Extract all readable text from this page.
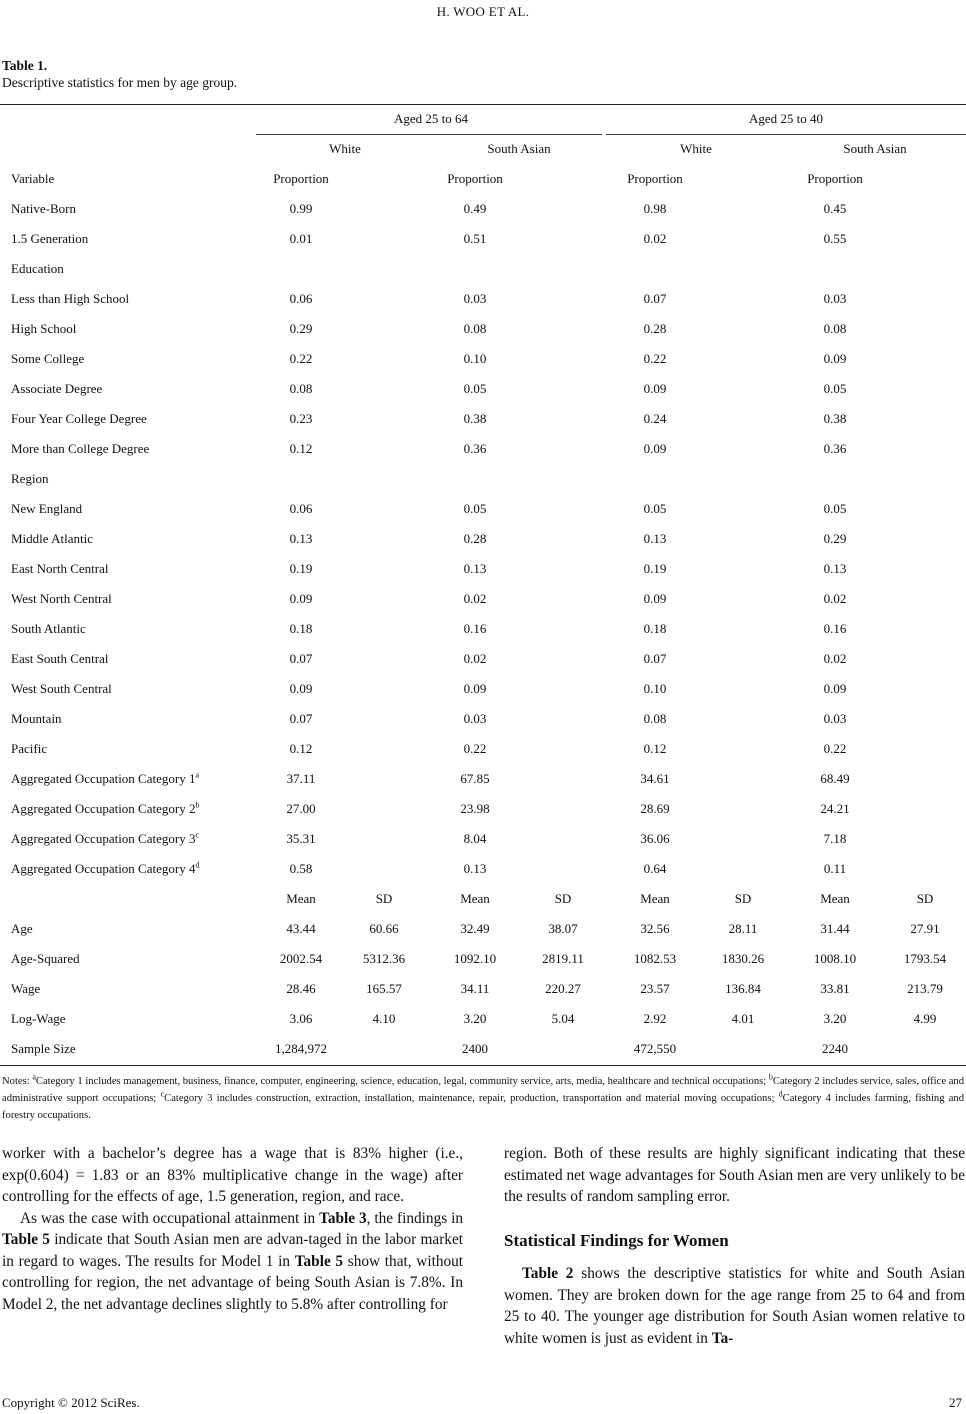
H. WOO ET AL.
Table 1.
Descriptive statistics for men by age group.
Aged 25 to 64	Aged 25 to 40
White	South Asian	White	South Asian
Variable	Proportion	Proportion	Proportion	Proportion
Native-Born	0.99	0.49	0.98	0.45
1.5 Generation	0.01	0.51	0.02	0.55
Education
Less than High School	0.06	0.03	0.07	0.03
High School	0.29	0.08	0.28	0.08
Some College	0.22	0.10	0.22	0.09
Associate Degree	0.08	0.05	0.09	0.05
Four Year College Degree	0.23	0.38	0.24	0.38
More than College Degree	0.12	0.36	0.09	0.36
Region
New England	0.06	0.05	0.05	0.05
Middle Atlantic	0.13	0.28	0.13	0.29
East North Central	0.19	0.13	0.19	0.13
West North Central	0.09	0.02	0.09	0.02
South Atlantic	0.18	0.16	0.18	0.16
East South Central	0.07	0.02	0.07	0.02
West South Central	0.09	0.09	0.10	0.09
Mountain	0.07	0.03	0.08	0.03
Pacific	0.12	0.22	0.12	0.22
Aggregated Occupation Category 1$^a$	37.11	67.85	34.61	68.49
Aggregated Occupation Category 2$^b$	27.00	23.98	28.69	24.21
Aggregated Occupation Category 3$^c$	35.31	8.04	36.06	7.18
Aggregated Occupation Category 4$^d$	0.58	0.13	0.64	0.11
Mean	SD	Mean	SD	Mean	SD	Mean	SD
Age	43.44	60.66	32.49	38.07	32.56	28.11	31.44	27.91
Age-Squared	2002.54	5312.36	1092.10	2819.11	1082.53	1830.26	1008.10	1793.54
Wage	28.46	165.57	34.11	220.27	23.57	136.84	33.81	213.79
Log-Wage	3.06	4.10	3.20	5.04	2.92	4.01	3.20	4.99
Sample Size	1,284,972	2400	472,550	2240
Notes: $^a$Category 1 includes management, business, finance, computer, engineering, science, education, legal, community service, arts, media, healthcare and technical occupations; $^b$Category 2 includes service, sales, office and administrative support occupations; $^c$Category 3 includes construction, extraction, installation, maintenance, repair, production, transportation and material moving occupations; $^d$Category 4 includes farming, fishing and forestry occupations.

worker with a bachelor’s degree has a wage that is 83% higher (i.e., exp(0.604) = 1.83 or an 83% multiplicative change in the wage) after controlling for the effects of age, 1.5 generation, region, and race.

As was the case with occupational attainment in Table 3, the findings in Table 5 indicate that South Asian men are advan-taged in the labor market in regard to wages. The results for Model 1 in Table 5 show that, without controlling for region, the net advantage of being South Asian is 7.8%. In Model 2, the net advantage declines slightly to 5.8% after controlling for

region. Both of these results are highly significant indicating that these estimated net wage advantages for South Asian men are very unlikely to be the results of random sampling error.

Statistical Findings for Women

Table 2 shows the descriptive statistics for white and South Asian women. They are broken down for the age range from 25 to 64 and from 25 to 40. The younger age distribution for South Asian women relative to white women is just as evident in Ta-

Copyright © 2012 SciRes.	27
